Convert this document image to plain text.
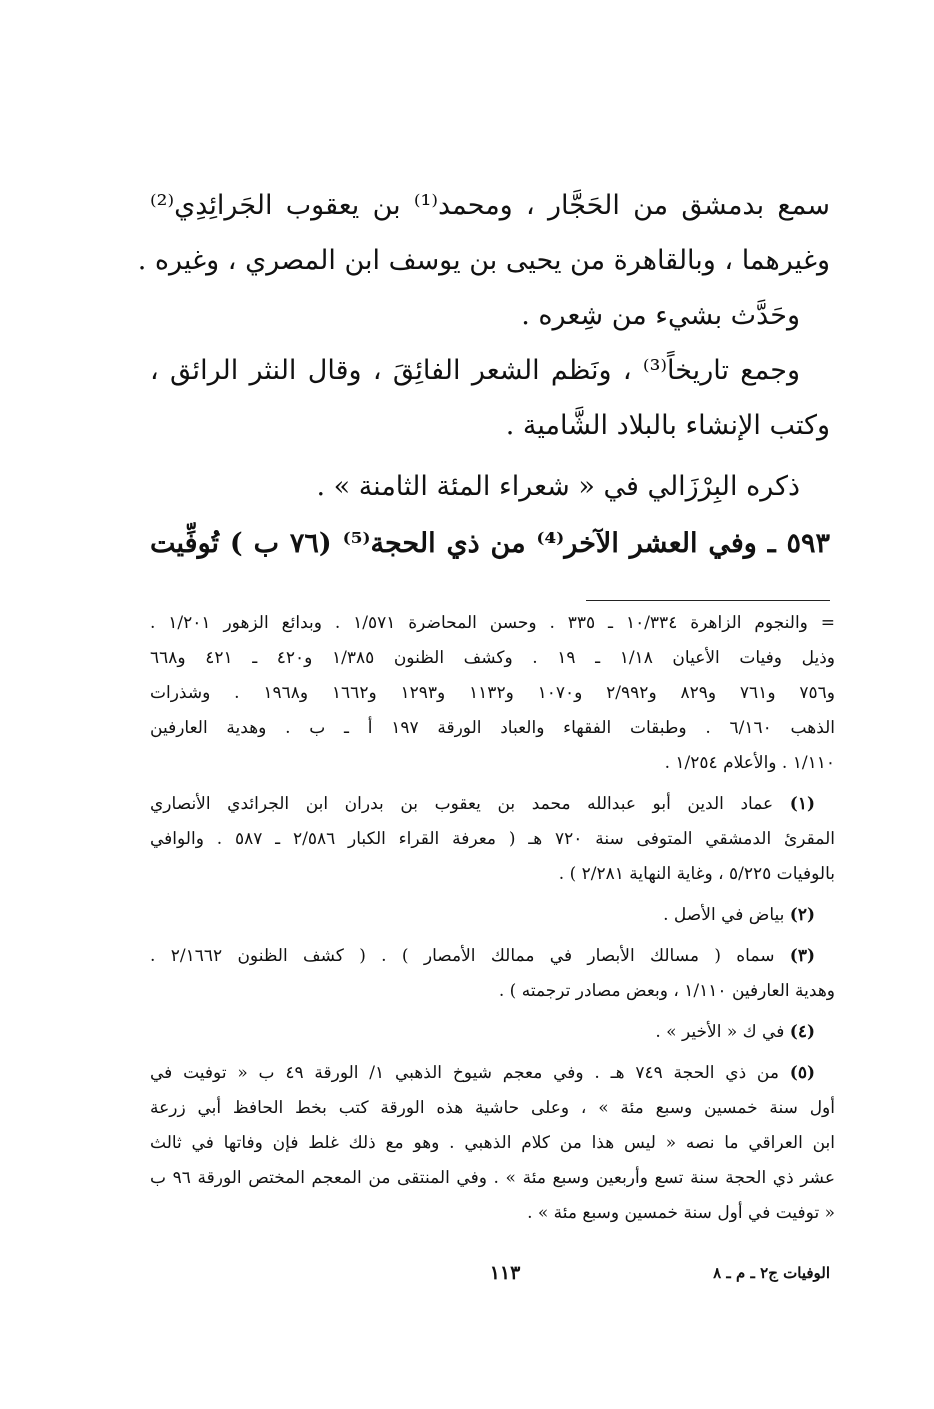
سمع بدمشق من الحَجَّار ، ومحمد⁽¹⁾ بن يعقوب الجَرائِدِي⁽²⁾
وغيرهما ، وبالقاهرة من يحيى بن يوسف ابن المصري ، وغيره .
وحَدَّث بشيء من شِعره .
وجمع تاريخاً⁽³⁾ ، ونَظم الشعر الفائِقَ ، وقال النثر الرائق ،
وكتب الإنشاء بالبلاد الشَّامية .
ذكره البِرْزَالي في « شعراء المئة الثامنة » .
٥٩٣ ـ وفي العشر الآخر⁽⁴⁾ من ذي الحجة⁽⁵⁾ (٧٦ ب ) تُوفِّيت
= والنجوم الزاهرة ١٠/٣٣٤ ـ ٣٣٥ . وحسن المحاضرة ١/٥٧١ . وبدائع الزهور ١/٢٠١ .
وذيل وفيات الأعيان ١/١٨ ـ ١٩ . وكشف الظنون ١/٣٨٥ و٤٢٠ ـ ٤٢١ و٦٦٨
و٧٥٦ و٧٦١ و٨٢٩ و٢/٩٩٢ و١٠٧٠ و١١٣٢ و١٢٩٣ و١٦٦٢ و١٩٦٨ . وشذرات
الذهب ٦/١٦٠ . وطبقات الفقهاء والعباد الورقة ١٩٧ أ ـ ب . وهدية العارفين
١/١١٠ . والأعلام ١/٢٥٤ .
(١) عماد الدين أبو عبدالله محمد بن يعقوب بن بدران ابن الجرائدي الأنصاري
المقرئ الدمشقي المتوفى سنة ٧٢٠ هـ ( معرفة القراء الكبار ٢/٥٨٦ ـ ٥٨٧ . والوافي
بالوفيات ٥/٢٢٥ ، وغاية النهاية ٢/٢٨١ ) .
(٢) بياض في الأصل .
(٣) سماه ( مسالك الأبصار في ممالك الأمصار ) . ( كشف الظنون ٢/١٦٦٢ .
وهدية العارفين ١/١١٠ ، وبعض مصادر ترجمته ) .
(٤) في ك « الأخير » .
(٥) من ذي الحجة ٧٤٩ هـ . وفي معجم شيوخ الذهبي ١/ الورقة ٤٩ ب « توفيت في
أول سنة خمسين وسبع مئة » ، وعلى حاشية هذه الورقة كتب بخط الحافظ أبي زرعة
ابن العراقي ما نصه « ليس هذا من كلام الذهبي . وهو مع ذلك غلط فإن وفاتها في ثالث
عشر ذي الحجة سنة تسع وأربعين وسبع مئة » . وفي المنتقى من المعجم المختص الورقة ٩٦ ب
« توفيت في أول سنة خمسين وسبع مئة » .
١١٣	الوفيات ج٢ ـ م ـ ٨
